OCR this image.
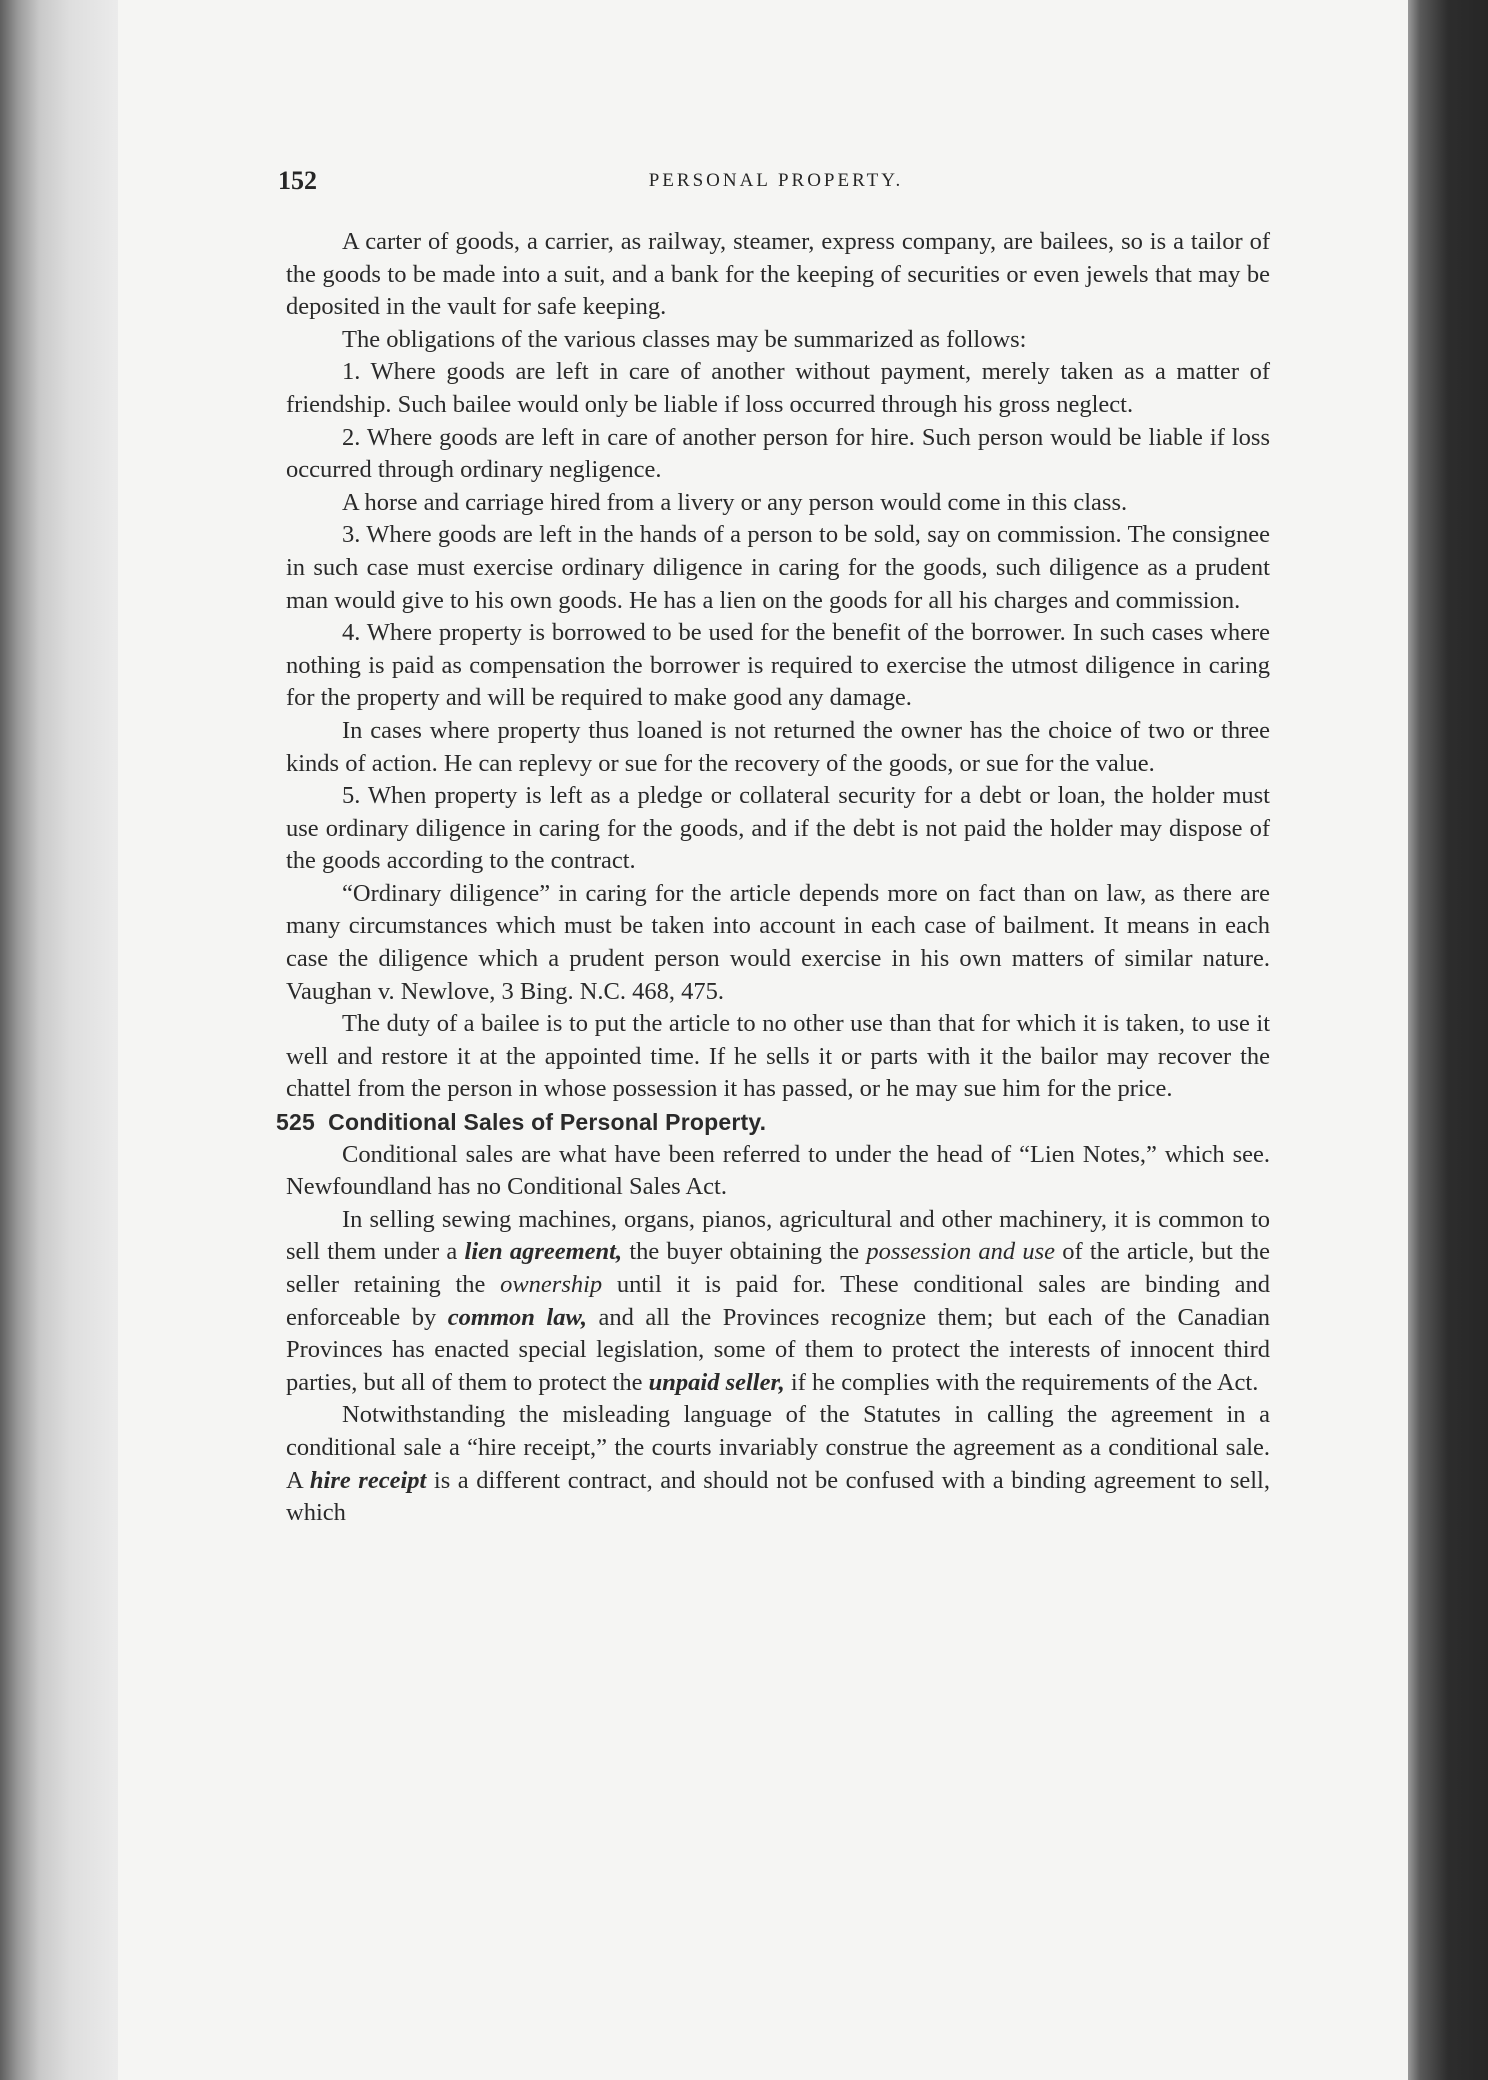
152	PERSONAL PROPERTY.

A carter of goods, a carrier, as railway, steamer, express company, are bailees, so is a tailor of the goods to be made into a suit, and a bank for the keeping of securities or even jewels that may be deposited in the vault for safe keeping.

The obligations of the various classes may be summarized as follows:

1. Where goods are left in care of another without payment, merely taken as a matter of friendship. Such bailee would only be liable if loss occurred through his gross neglect.

2. Where goods are left in care of another person for hire. Such person would be liable if loss occurred through ordinary negligence.

A horse and carriage hired from a livery or any person would come in this class.

3. Where goods are left in the hands of a person to be sold, say on commission. The consignee in such case must exercise ordinary diligence in caring for the goods, such diligence as a prudent man would give to his own goods. He has a lien on the goods for all his charges and commission.

4. Where property is borrowed to be used for the benefit of the borrower. In such cases where nothing is paid as compensation the borrower is required to exercise the utmost diligence in caring for the property and will be required to make good any damage.

In cases where property thus loaned is not returned the owner has the choice of two or three kinds of action. He can replevy or sue for the recovery of the goods, or sue for the value.

5. When property is left as a pledge or collateral security for a debt or loan, the holder must use ordinary diligence in caring for the goods, and if the debt is not paid the holder may dispose of the goods according to the contract.

“Ordinary diligence” in caring for the article depends more on fact than on law, as there are many circumstances which must be taken into account in each case of bailment. It means in each case the diligence which a prudent person would exercise in his own matters of similar nature. Vaughan v. Newlove, 3 Bing. N.C. 468, 475.

The duty of a bailee is to put the article to no other use than that for which it is taken, to use it well and restore it at the appointed time. If he sells it or parts with it the bailor may recover the chattel from the person in whose possession it has passed, or he may sue him for the price.

525 Conditional Sales of Personal Property.

Conditional sales are what have been referred to under the head of “Lien Notes,” which see. Newfoundland has no Conditional Sales Act.

In selling sewing machines, organs, pianos, agricultural and other machinery, it is common to sell them under a lien agreement, the buyer obtaining the possession and use of the article, but the seller retaining the ownership until it is paid for. These conditional sales are binding and enforceable by common law, and all the Provinces recognize them; but each of the Canadian Provinces has enacted special legislation, some of them to protect the interests of innocent third parties, but all of them to protect the unpaid seller, if he complies with the requirements of the Act.

Notwithstanding the misleading language of the Statutes in calling the agreement in a conditional sale a “hire receipt,” the courts invariably construe the agreement as a conditional sale. A hire receipt is a different contract, and should not be confused with a binding agreement to sell, which
